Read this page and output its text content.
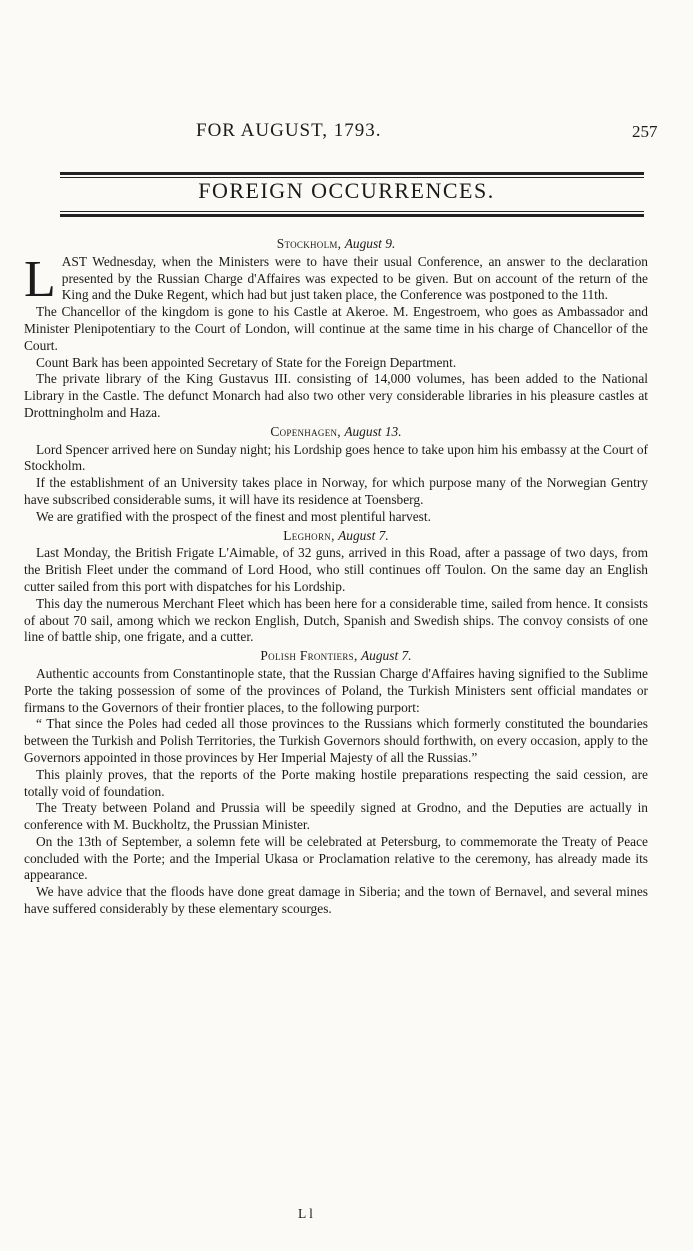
FOR AUGUST, 1793.	257
FOREIGN OCCURRENCES.
Stockholm, August 9.

LAST Wednesday, when the Ministers were to have their usual Conference, an answer to the declaration presented by the Russian Charge d'Affaires was expected to be given. But on account of the return of the King and the Duke Regent, which had but just taken place, the Conference was postponed to the 11th.

The Chancellor of the kingdom is gone to his Castle at Akeroe. M. Engestroem, who goes as Ambassador and Minister Plenipotentiary to the Court of London, will continue at the same time in his charge of Chancellor of the Court.

Count Bark has been appointed Secretary of State for the Foreign Department.

The private library of the King Gustavus III. consisting of 14,000 volumes, has been added to the National Library in the Castle. The defunct Monarch had also two other very considerable libraries in his pleasure castles at Drottningholm and Haza.

Copenhagen, August 13.

Lord Spencer arrived here on Sunday night; his Lordship goes hence to take upon him his embassy at the Court of Stockholm.

If the establishment of an University takes place in Norway, for which purpose many of the Norwegian Gentry have subscribed considerable sums, it will have its residence at Toensberg.

We are gratified with the prospect of the finest and most plentiful harvest.

Leghorn, August 7.

Last Monday, the British Frigate L'Aimable, of 32 guns, arrived in this Road, after a passage of two days, from the British Fleet under the command of Lord Hood, who still continues off Toulon. On the same day an English cutter sailed from this port with dispatches for his Lordship.

This day the numerous Merchant Fleet which has been here for a considerable time, sailed from hence. It consists of about 70 sail, among which we reckon English, Dutch, Spanish and Swedish ships. The convoy consists of one line of battle ship, one frigate, and a cutter.

Polish Frontiers, August 7.

Authentic accounts from Constantinople state, that the Russian Charge d'Affaires having signified to the Sublime Porte the taking possession of some of the provinces of Poland, the Turkish Ministers sent official mandates or firmans to the Governors of their frontier places, to the following purport:

“ That since the Poles had ceded all those provinces to the Russians which formerly constituted the boundaries between the Turkish and Polish Territories, the Turkish Governors should forthwith, on every occasion, apply to the Governors appointed in those provinces by Her Imperial Majesty of all the Russias.”

This plainly proves, that the reports of the Porte making hostile preparations respecting the said cession, are totally void of foundation.

The Treaty between Poland and Prussia will be speedily signed at Grodno, and the Deputies are actually in conference with M. Buckholtz, the Prussian Minister.

On the 13th of September, a solemn fete will be celebrated at Petersburg, to commemorate the Treaty of Peace concluded with the Porte; and the Imperial Ukasa or Proclamation relative to the ceremony, has already made its appearance.

We have advice that the floods have done great damage in Siberia; and the town of Bernavel, and several mines have suffered considerably by these elementary scourges.

L l
